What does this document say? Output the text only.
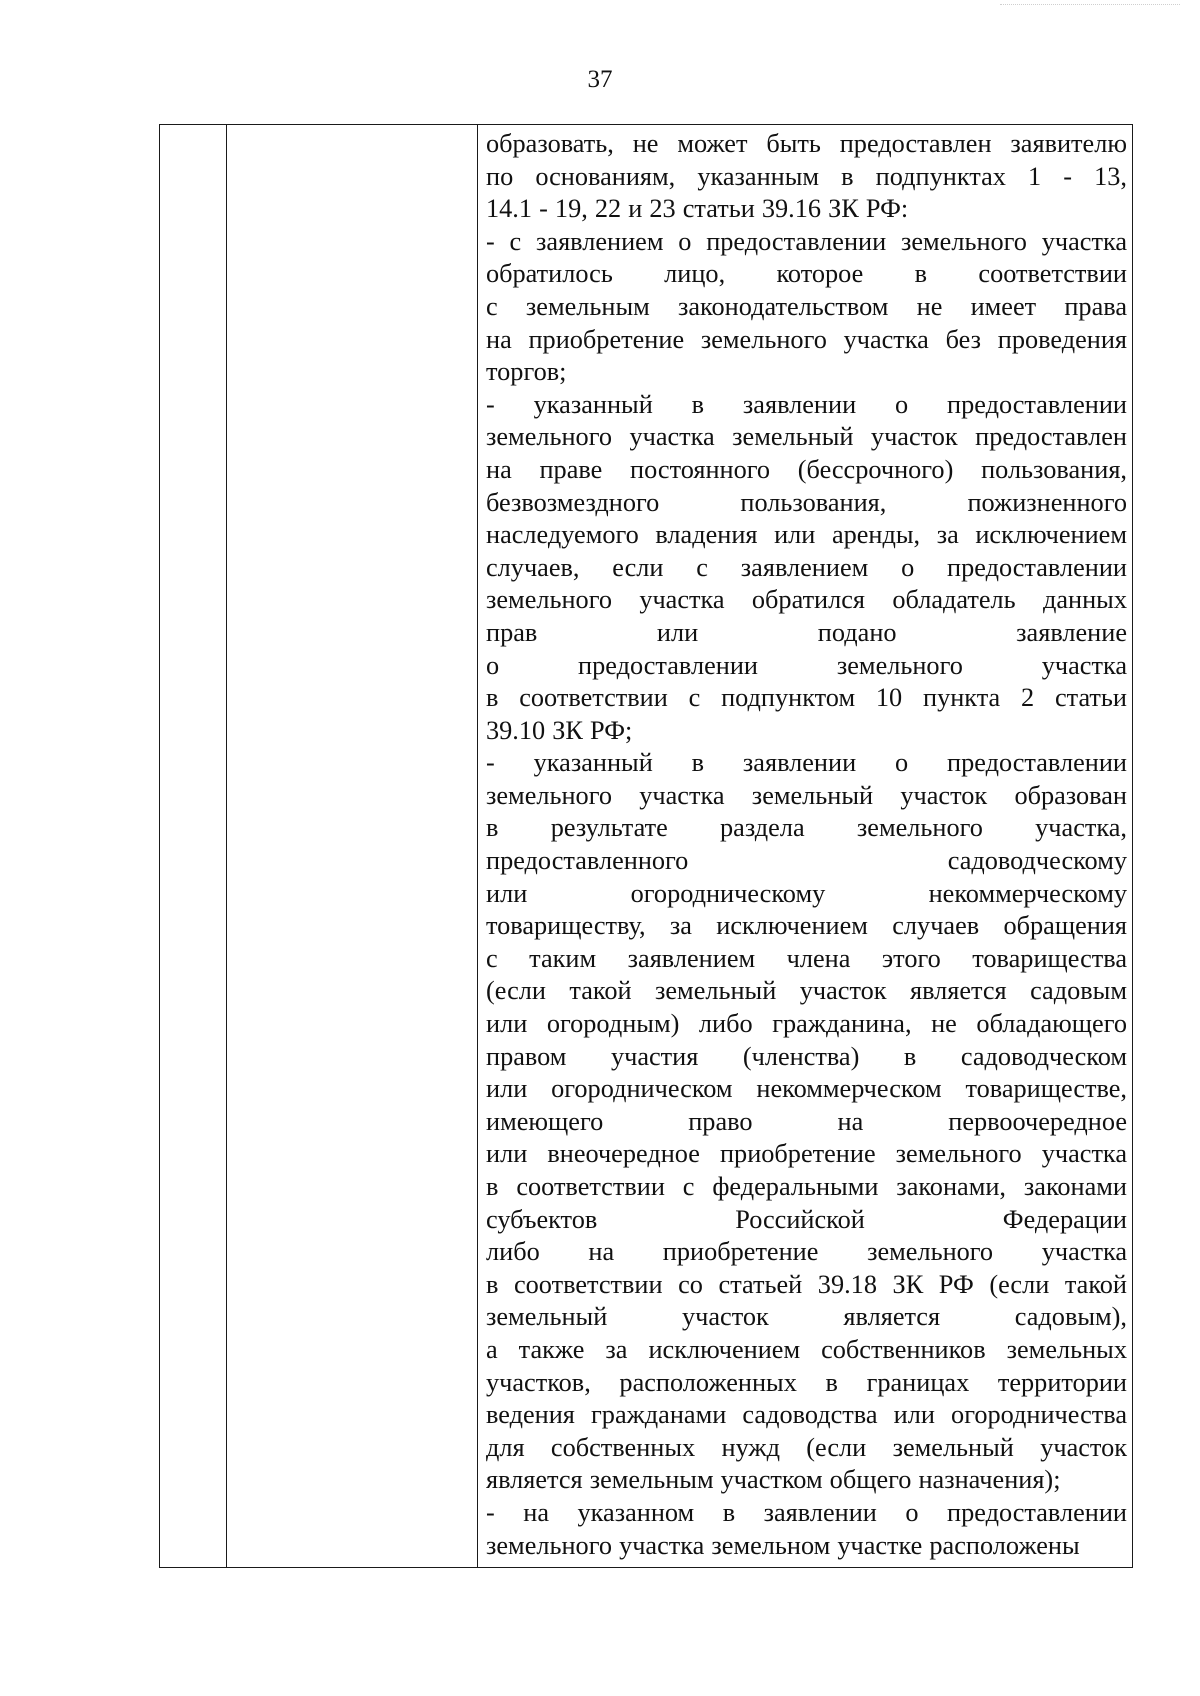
37

образовать, не может быть предоставлен заявителю
по основаниям, указанным в подпунктах 1 - 13,
14.1 - 19, 22 и 23 статьи 39.16 ЗК РФ:
- с заявлением о предоставлении земельного участка
обратилось лицо, которое в соответствии
с земельным законодательством не имеет права
на приобретение земельного участка без проведения
торгов;
- указанный в заявлении о предоставлении
земельного участка земельный участок предоставлен
на праве постоянного (бессрочного) пользования,
безвозмездного пользования, пожизненного
наследуемого владения или аренды, за исключением
случаев, если с заявлением о предоставлении
земельного участка обратился обладатель данных
прав или подано заявление
о предоставлении земельного участка
в соответствии с подпунктом 10 пункта 2 статьи
39.10 ЗК РФ;
- указанный в заявлении о предоставлении
земельного участка земельный участок образован
в результате раздела земельного участка,
предоставленного садоводческому
или огородническому некоммерческому
товариществу, за исключением случаев обращения
с таким заявлением члена этого товарищества
(если такой земельный участок является садовым
или огородным) либо гражданина, не обладающего
правом участия (членства) в садоводческом
или огородническом некоммерческом товариществе,
имеющего право на первоочередное
или внеочередное приобретение земельного участка
в соответствии с федеральными законами, законами
субъектов Российской Федерации
либо на приобретение земельного участка
в соответствии со статьей 39.18 ЗК РФ (если такой
земельный участок является садовым),
а также за исключением собственников земельных
участков, расположенных в границах территории
ведения гражданами садоводства или огородничества
для собственных нужд (если земельный участок
является земельным участком общего назначения);
- на указанном в заявлении о предоставлении
земельного участка земельном участке расположены
